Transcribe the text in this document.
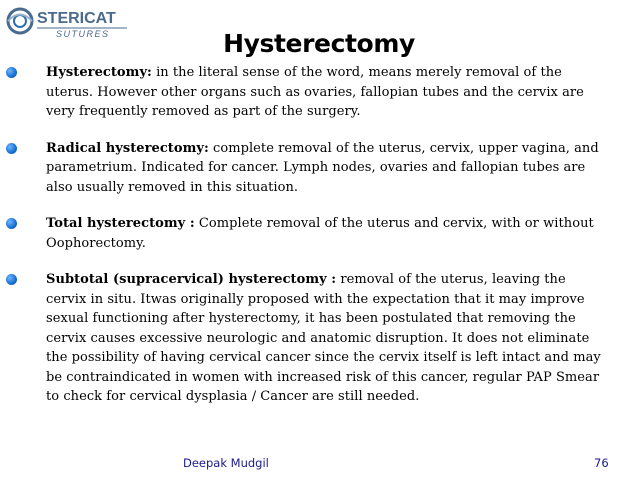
STERICAT
SUTURES	Hysterectomy
Hysterectomy: in the literal sense of the word, means merely removal of the uterus. However other organs such as ovaries, fallopian tubes and the cervix are very frequently removed as part of the surgery.
Radical hysterectomy: complete removal of the uterus, cervix, upper vagina, and parametrium. Indicated for cancer. Lymph nodes, ovaries and fallopian tubes are also usually removed in this situation.
Total hysterectomy : Complete removal of the uterus and cervix, with or without Oophorectomy.
Subtotal (supracervical) hysterectomy : removal of the uterus, leaving the cervix in situ. Itwas originally proposed with the expectation that it may improve sexual functioning after hysterectomy, it has been postulated that removing the cervix causes excessive neurologic and anatomic disruption. It does not eliminate the possibility of having cervical cancer since the cervix itself is left intact and may be contraindicated in women with increased risk of this cancer, regular PAP Smear to check for cervical dysplasia / Cancer are still needed.
Deepak Mudgil	76
